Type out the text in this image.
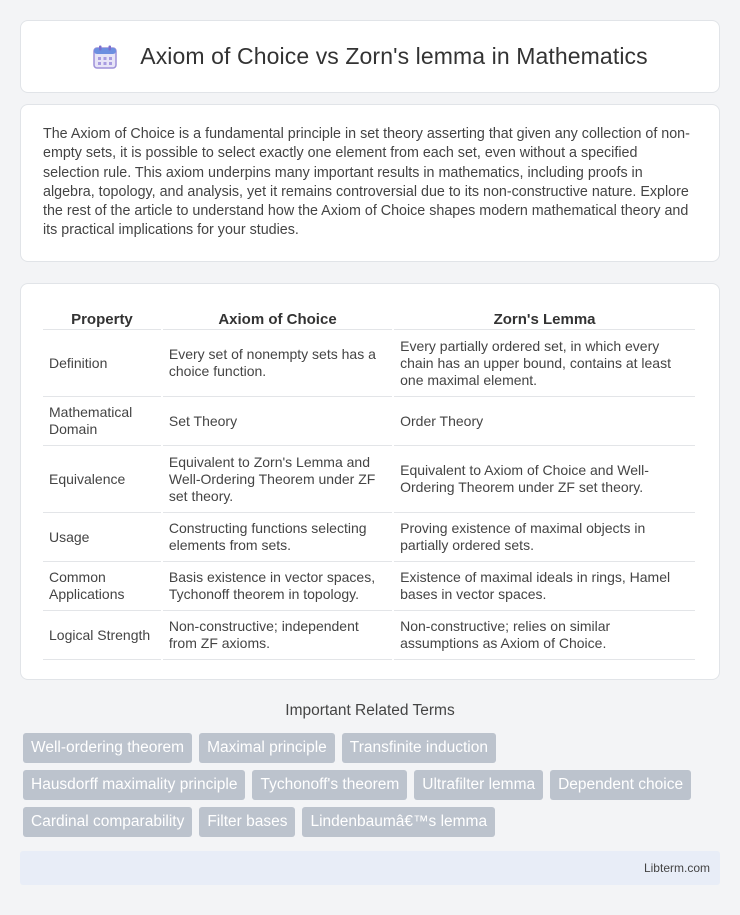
Axiom of Choice vs Zorn's lemma in Mathematics

The Axiom of Choice is a fundamental principle in set theory asserting that given any collection of non-empty sets, it is possible to select exactly one element from each set, even without a specified selection rule. This axiom underpins many important results in mathematics, including proofs in algebra, topology, and analysis, yet it remains controversial due to its non-constructive nature. Explore the rest of the article to understand how the Axiom of Choice shapes modern mathematical theory and its practical implications for your studies.

Property	Axiom of Choice	Zorn's Lemma
Definition	Every set of nonempty sets has a choice function.	Every partially ordered set, in which every chain has an upper bound, contains at least one maximal element.
Mathematical Domain	Set Theory	Order Theory
Equivalence	Equivalent to Zorn's Lemma and Well-Ordering Theorem under ZF set theory.	Equivalent to Axiom of Choice and Well-Ordering Theorem under ZF set theory.
Usage	Constructing functions selecting elements from sets.	Proving existence of maximal objects in partially ordered sets.
Common Applications	Basis existence in vector spaces, Tychonoff theorem in topology.	Existence of maximal ideals in rings, Hamel bases in vector spaces.
Logical Strength	Non-constructive; independent from ZF axioms.	Non-constructive; relies on similar assumptions as Axiom of Choice.
Important Related Terms
Well-ordering theorem	Maximal principle	Transfinite induction
Hausdorff maximality principle	Tychonoff's theorem	Ultrafilter lemma	Dependent choice
Cardinal comparability	Filter bases	Lindenbaumâ€™s lemma
Libterm.com
